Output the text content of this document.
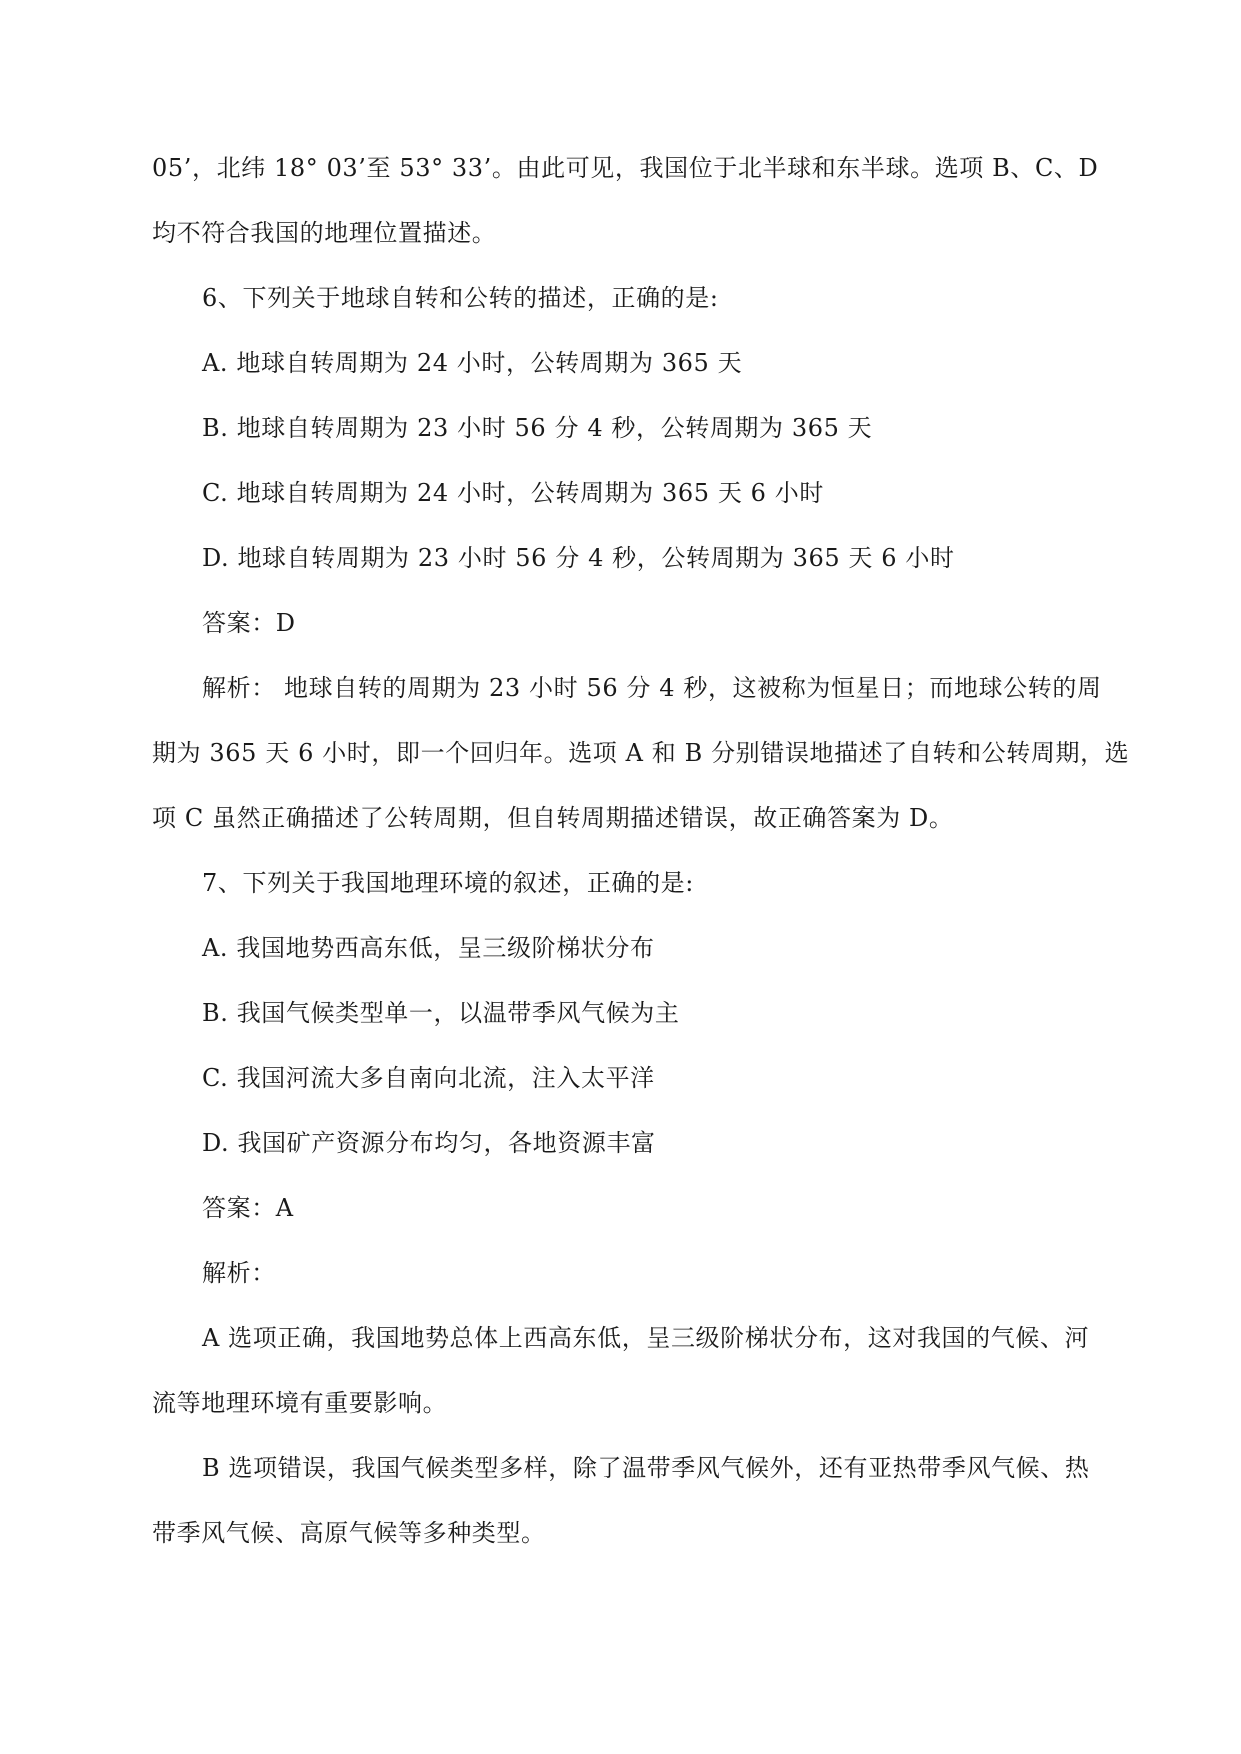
05’，北纬 18° 03’至 53° 33’。由此可见，我国位于北半球和东半球。选项 B、C、D
均不符合我国的地理位置描述。
6、下列关于地球自转和公转的描述，正确的是:
A. 地球自转周期为 24 小时，公转周期为 365 天
B. 地球自转周期为 23 小时 56 分 4 秒，公转周期为 365 天
C. 地球自转周期为 24 小时，公转周期为 365 天 6 小时
D. 地球自转周期为 23 小时 56 分 4 秒，公转周期为 365 天 6 小时
答案：D
解析： 地球自转的周期为 23 小时 56 分 4 秒，这被称为恒星日；而地球公转的周
期为 365 天 6 小时，即一个回归年。选项 A 和 B 分别错误地描述了自转和公转周期，选
项 C 虽然正确描述了公转周期，但自转周期描述错误，故正确答案为 D。
7、下列关于我国地理环境的叙述，正确的是:
A. 我国地势西高东低，呈三级阶梯状分布
B. 我国气候类型单一，以温带季风气候为主
C. 我国河流大多自南向北流，注入太平洋
D. 我国矿产资源分布均匀，各地资源丰富
答案：A
解析：
A 选项正确，我国地势总体上西高东低，呈三级阶梯状分布，这对我国的气候、河
流等地理环境有重要影响。
B 选项错误，我国气候类型多样，除了温带季风气候外，还有亚热带季风气候、热
带季风气候、高原气候等多种类型。
